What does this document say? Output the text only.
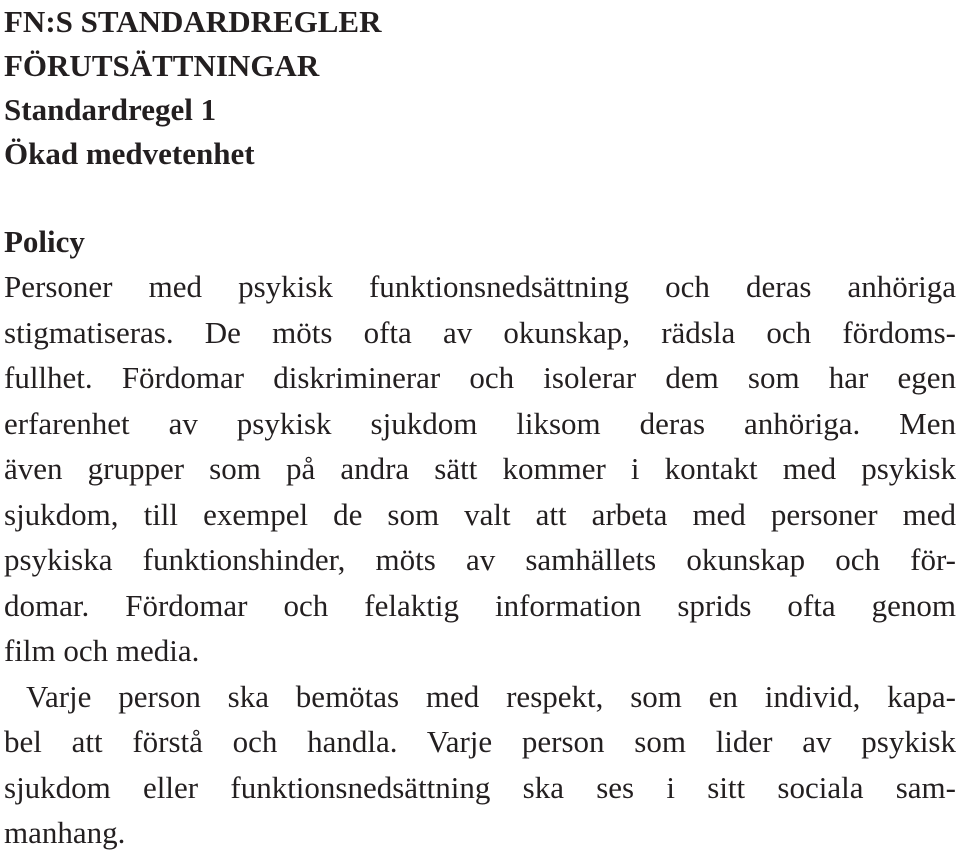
FN:S STANDARDREGLER

FÖRUTSÄTTNINGAR

Standardregel 1

Ökad medvetenhet

Policy

Personer med psykisk funktionsnedsättning och deras anhöriga
stigmatiseras. De möts ofta av okunskap, rädsla och fördoms-
fullhet. Fördomar diskriminerar och isolerar dem som har egen
erfarenhet av psykisk sjukdom liksom deras anhöriga. Men
även grupper som på andra sätt kommer i kontakt med psykisk
sjukdom, till exempel de som valt att arbeta med personer med
psykiska funktionshinder, möts av samhällets okunskap och för-
domar. Fördomar och felaktig information sprids ofta genom
film och media.
Varje person ska bemötas med respekt, som en individ, kapa-
bel att förstå och handla. Varje person som lider av psykisk
sjukdom eller funktionsnedsättning ska ses i sitt sociala sam-
manhang.
